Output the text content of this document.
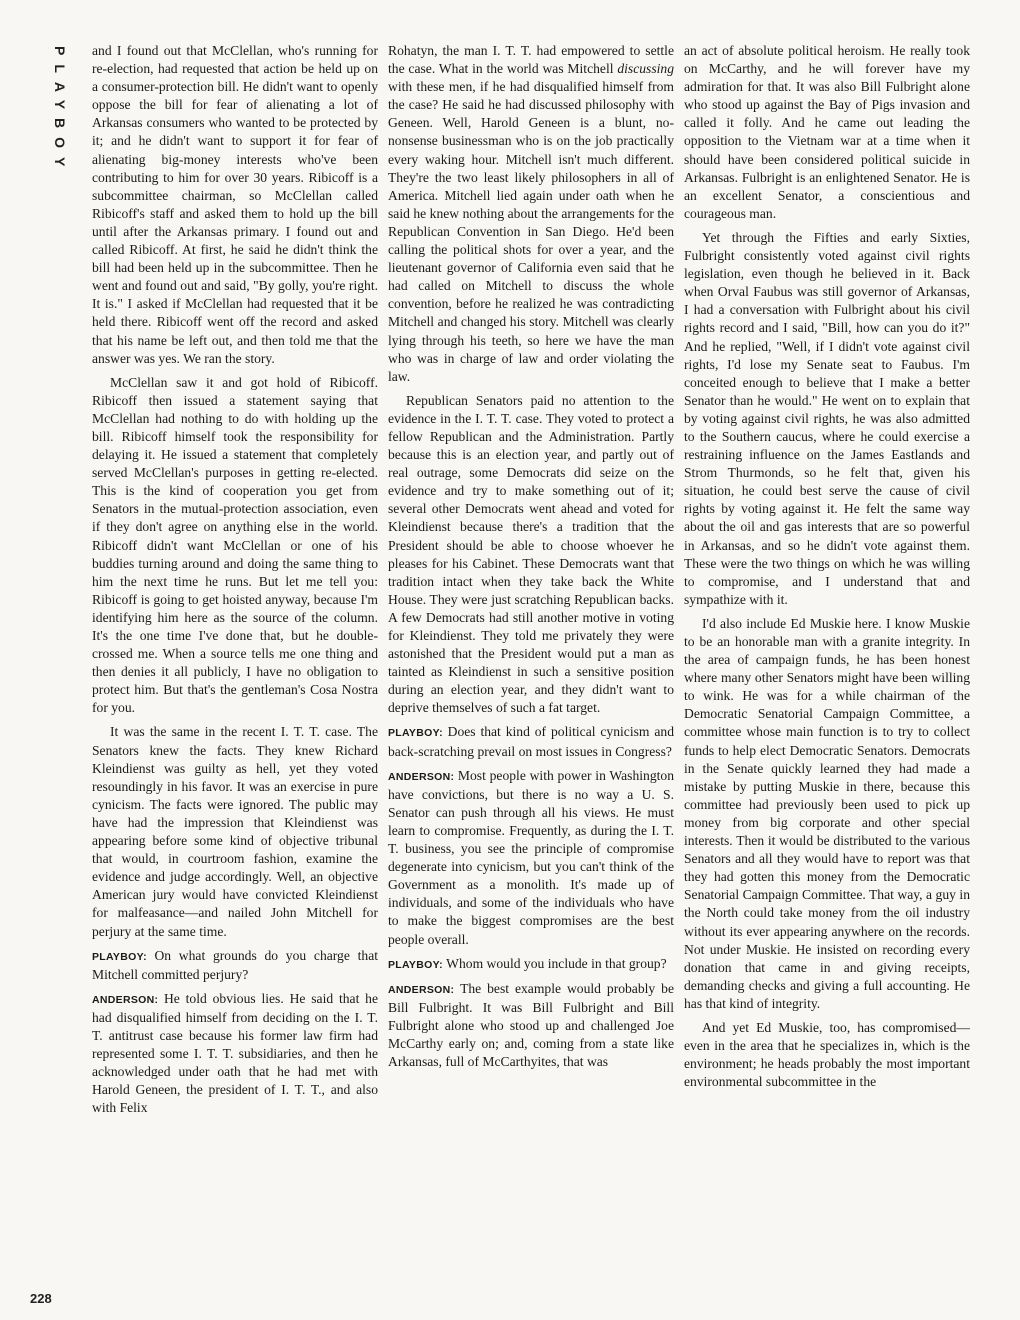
PLAYBOY
228

and I found out that McClellan, who's running for re-election, had requested that action be held up on a consumer-protection bill. He didn't want to openly oppose the bill for fear of alienating a lot of Arkansas consumers who wanted to be protected by it; and he didn't want to support it for fear of alienating big-money interests who've been contributing to him for over 30 years. Ribicoff is a subcommittee chairman, so McClellan called Ribicoff's staff and asked them to hold up the bill until after the Arkansas primary. I found out and called Ribicoff. At first, he said he didn't think the bill had been held up in the subcommittee. Then he went and found out and said, "By golly, you're right. It is." I asked if McClellan had requested that it be held there. Ribicoff went off the record and asked that his name be left out, and then told me that the answer was yes. We ran the story.

McClellan saw it and got hold of Ribicoff. Ribicoff then issued a statement saying that McClellan had nothing to do with holding up the bill. Ribicoff himself took the responsibility for delaying it. He issued a statement that completely served McClellan's purposes in getting re-elected. This is the kind of cooperation you get from Senators in the mutual-protection association, even if they don't agree on anything else in the world. Ribicoff didn't want McClellan or one of his buddies turning around and doing the same thing to him the next time he runs. But let me tell you: Ribicoff is going to get hoisted anyway, because I'm identifying him here as the source of the column. It's the one time I've done that, but he double-crossed me. When a source tells me one thing and then denies it all publicly, I have no obligation to protect him. But that's the gentleman's Cosa Nostra for you.

It was the same in the recent I. T. T. case. The Senators knew the facts. They knew Richard Kleindienst was guilty as hell, yet they voted resoundingly in his favor. It was an exercise in pure cynicism. The facts were ignored. The public may have had the impression that Kleindienst was appearing before some kind of objective tribunal that would, in courtroom fashion, examine the evidence and judge accordingly. Well, an objective American jury would have convicted Kleindienst for malfeasance—and nailed John Mitchell for perjury at the same time.

PLAYBOY: On what grounds do you charge that Mitchell committed perjury?

ANDERSON: He told obvious lies. He said that he had disqualified himself from deciding on the I. T. T. antitrust case because his former law firm had represented some I. T. T. subsidiaries, and then he acknowledged under oath that he had met with Harold Geneen, the president of I. T. T., and also with Felix

Rohatyn, the man I. T. T. had empowered to settle the case. What in the world was Mitchell discussing with these men, if he had disqualified himself from the case? He said he had discussed philosophy with Geneen. Well, Harold Geneen is a blunt, no-nonsense businessman who is on the job practically every waking hour. Mitchell isn't much different. They're the two least likely philosophers in all of America. Mitchell lied again under oath when he said he knew nothing about the arrangements for the Republican Convention in San Diego. He'd been calling the political shots for over a year, and the lieutenant governor of California even said that he had called on Mitchell to discuss the whole convention, before he realized he was contradicting Mitchell and changed his story. Mitchell was clearly lying through his teeth, so here we have the man who was in charge of law and order violating the law.

Republican Senators paid no attention to the evidence in the I. T. T. case. They voted to protect a fellow Republican and the Administration. Partly because this is an election year, and partly out of real outrage, some Democrats did seize on the evidence and try to make something out of it; several other Democrats went ahead and voted for Kleindienst because there's a tradition that the President should be able to choose whoever he pleases for his Cabinet. These Democrats want that tradition intact when they take back the White House. They were just scratching Republican backs. A few Democrats had still another motive in voting for Kleindienst. They told me privately they were astonished that the President would put a man as tainted as Kleindienst in such a sensitive position during an election year, and they didn't want to deprive themselves of such a fat target.

PLAYBOY: Does that kind of political cynicism and back-scratching prevail on most issues in Congress?

ANDERSON: Most people with power in Washington have convictions, but there is no way a U. S. Senator can push through all his views. He must learn to compromise. Frequently, as during the I. T. T. business, you see the principle of compromise degenerate into cynicism, but you can't think of the Government as a monolith. It's made up of individuals, and some of the individuals who have to make the biggest compromises are the best people overall.

PLAYBOY: Whom would you include in that group?

ANDERSON: The best example would probably be Bill Fulbright. It was Bill Fulbright and Bill Fulbright alone who stood up and challenged Joe McCarthy early on; and, coming from a state like Arkansas, full of McCarthyites, that was

an act of absolute political heroism. He really took on McCarthy, and he will forever have my admiration for that. It was also Bill Fulbright alone who stood up against the Bay of Pigs invasion and called it folly. And he came out leading the opposition to the Vietnam war at a time when it should have been considered political suicide in Arkansas. Fulbright is an enlightened Senator. He is an excellent Senator, a conscientious and courageous man.

Yet through the Fifties and early Sixties, Fulbright consistently voted against civil rights legislation, even though he believed in it. Back when Orval Faubus was still governor of Arkansas, I had a conversation with Fulbright about his civil rights record and I said, "Bill, how can you do it?" And he replied, "Well, if I didn't vote against civil rights, I'd lose my Senate seat to Faubus. I'm conceited enough to believe that I make a better Senator than he would." He went on to explain that by voting against civil rights, he was also admitted to the Southern caucus, where he could exercise a restraining influence on the James Eastlands and Strom Thurmonds, so he felt that, given his situation, he could best serve the cause of civil rights by voting against it. He felt the same way about the oil and gas interests that are so powerful in Arkansas, and so he didn't vote against them. These were the two things on which he was willing to compromise, and I understand that and sympathize with it.

I'd also include Ed Muskie here. I know Muskie to be an honorable man with a granite integrity. In the area of campaign funds, he has been honest where many other Senators might have been willing to wink. He was for a while chairman of the Democratic Senatorial Campaign Committee, a committee whose main function is to try to collect funds to help elect Democratic Senators. Democrats in the Senate quickly learned they had made a mistake by putting Muskie in there, because this committee had previously been used to pick up money from big corporate and other special interests. Then it would be distributed to the various Senators and all they would have to report was that they had gotten this money from the Democratic Senatorial Campaign Committee. That way, a guy in the North could take money from the oil industry without its ever appearing anywhere on the records. Not under Muskie. He insisted on recording every donation that came in and giving receipts, demanding checks and giving a full accounting. He has that kind of integrity.

And yet Ed Muskie, too, has compromised—even in the area that he specializes in, which is the environment; he heads probably the most important environmental subcommittee in the
